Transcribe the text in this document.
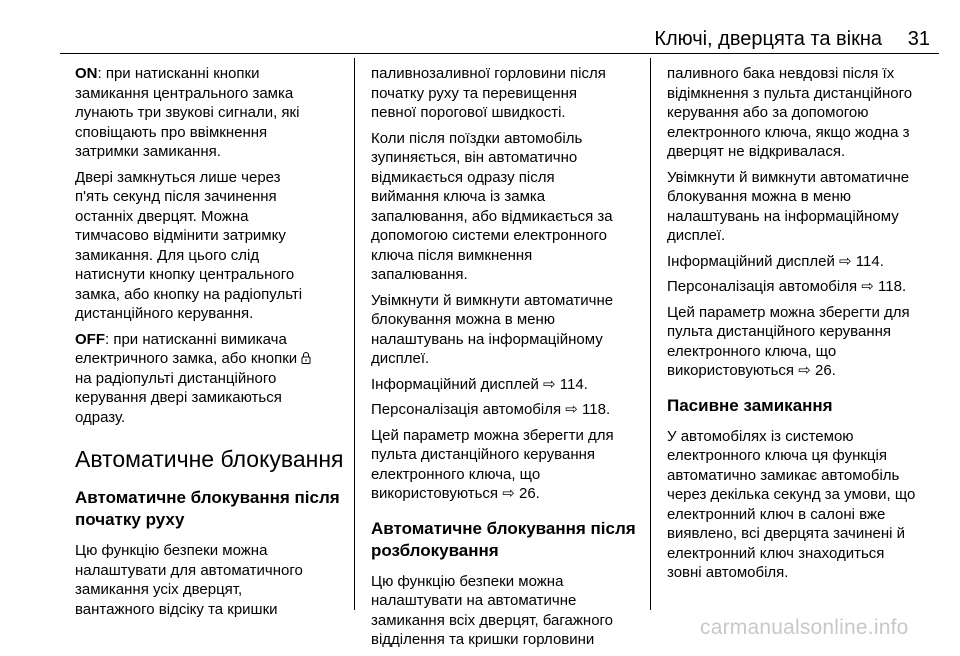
Ключі, дверцята та вікна 31

ON: при натисканні кнопки
замикання центрального замка
лунають три звукові сигнали, які
сповіщають про ввімкнення
затримки замикання.

Двері замкнуться лише через
п'ять секунд після зачинення
останніх дверцят. Можна
тимчасово відмінити затримку
замикання. Для цього слід
натиснути кнопку центрального
замка, або кнопку на радіопульті
дистанційного керування.

OFF: при натисканні вимикача
електричного замка, або кнопки
на радіопульті дистанційного
керування двері замикаються
одразу.

Автоматичне блокування
Автоматичне блокування після
початку руху

Цю функцію безпеки можна
налаштувати для автоматичного
замикання усіх дверцят,
вантажного відсіку та кришки

паливнозаливної горловини після
початку руху та перевищення
певної порогової швидкості.

Коли після поїздки автомобіль
зупиняється, він автоматично
відмикається одразу після
виймання ключа із замка
запалювання, або відмикається за
допомогою системи електронного
ключа після вимкнення
запалювання.

Увімкнути й вимкнути автоматичне
блокування можна в меню
налаштувань на інформаційному
дисплеї.

Інформаційний дисплей ⇨ 114.

Персоналізація автомобіля ⇨ 118.

Цей параметр можна зберегти для
пульта дистанційного керування
електронного ключа, що
використовуються ⇨ 26.

Автоматичне блокування після
розблокування

Цю функцію безпеки можна
налаштувати на автоматичне
замикання всіх дверцят, багажного
відділення та кришки горловини

паливного бака невдовзі після їх
відімкнення з пульта дистанційного
керування або за допомогою
електронного ключа, якщо жодна з
дверцят не відкривалася.

Увімкнути й вимкнути автоматичне
блокування можна в меню
налаштувань на інформаційному
дисплеї.

Інформаційний дисплей ⇨ 114.

Персоналізація автомобіля ⇨ 118.

Цей параметр можна зберегти для
пульта дистанційного керування
електронного ключа, що
використовуються ⇨ 26.

Пасивне замикання

У автомобілях із системою
електронного ключа ця функція
автоматично замикає автомобіль
через декілька секунд за умови, що
електронний ключ в салоні вже
виявлено, всі дверцята зачинені й
електронний ключ знаходиться
зовні автомобіля.

carmanualsonline.info
